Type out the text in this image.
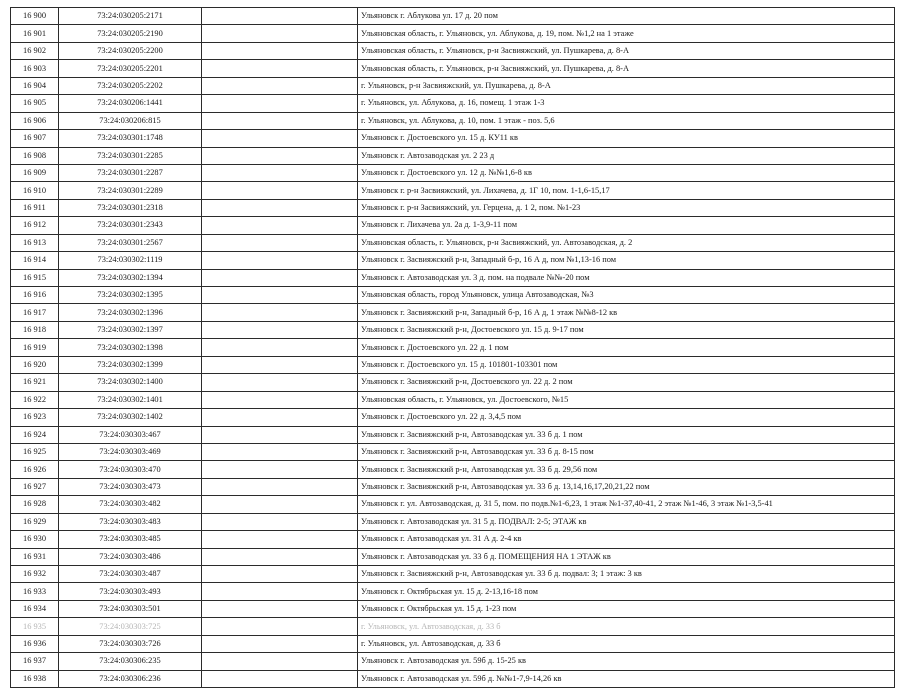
16 900	73:24:030205:2171		Ульяновск г. Аблукова ул. 17 д. 20 пом
16 901	73:24:030205:2190		Ульяновская область, г. Ульяновск, ул. Аблукова, д. 19, пом. №1,2 на 1 этаже
16 902	73:24:030205:2200		Ульяновская область, г. Ульяновск, р-н Засвияжский, ул. Пушкарева, д. 8-А
16 903	73:24:030205:2201		Ульяновская область, г. Ульяновск, р-н Засвияжский, ул. Пушкарева, д. 8-А
16 904	73:24:030205:2202		г. Ульяновск, р-н Засвияжский, ул. Пушкарева, д. 8-А
16 905	73:24:030206:1441		г. Ульяновск, ул. Аблукова, д. 16, помещ. 1 этаж 1-3
16 906	73:24:030206:815		г. Ульяновск, ул. Аблукова, д. 10, пом. 1 этаж - поз. 5,6
16 907	73:24:030301:1748		Ульяновск г. Достоевского ул. 15 д. КУ11 кв
16 908	73:24:030301:2285		Ульяновск г. Автозаводская ул. 2 23 д
16 909	73:24:030301:2287		Ульяновск г. Достоевского ул. 12 д. №№1,6-8 кв
16 910	73:24:030301:2289		Ульяновск г. р-н Засвияжский, ул. Лихачева, д. 1Г 10, пом. 1-1,6-15,17
16 911	73:24:030301:2318		Ульяновск г. р-н Засвияжский, ул. Герцена, д. 1 2, пом. №1-23
16 912	73:24:030301:2343		Ульяновск г. Лихачева ул. 2а д. 1-3,9-11 пом
16 913	73:24:030301:2567		Ульяновская область, г. Ульяновск, р-н Засвияжский, ул. Автозаводская, д. 2
16 914	73:24:030302:1119		Ульяновск г. Засвияжский р-н, Западный б-р, 16 А д, пом №1,13-16 пом
16 915	73:24:030302:1394		Ульяновск г. Автозаводская ул. 3 д. пом. на подвале №№-20 пом
16 916	73:24:030302:1395		Ульяновская область, город Ульяновск, улица Автозаводская, №3
16 917	73:24:030302:1396		Ульяновск г. Засвияжский р-н, Западный б-р, 16 А д, 1 этаж №№8-12 кв
16 918	73:24:030302:1397		Ульяновск г. Засвияжский р-н, Достоевского ул. 15 д. 9-17 пом
16 919	73:24:030302:1398		Ульяновск г. Достоевского ул. 22 д. 1 пом
16 920	73:24:030302:1399		Ульяновск г. Достоевского ул. 15 д. 101801-103301 пом
16 921	73:24:030302:1400		Ульяновск г. Засвияжский р-н, Достоевского ул. 22 д. 2 пом
16 922	73:24:030302:1401		Ульяновская область, г. Ульяновск, ул. Достоевского, №15
16 923	73:24:030302:1402		Ульяновск г. Достоевского ул. 22 д. 3,4,5 пом
16 924	73:24:030303:467		Ульяновск г. Засвияжский р-н, Автозаводская ул. 33 б д. 1 пом
16 925	73:24:030303:469		Ульяновск г. Засвияжский р-н, Автозаводская ул. 33 б д. 8-15 пом
16 926	73:24:030303:470		Ульяновск г. Засвияжский р-н, Автозаводская ул. 33 б д. 29,56 пом
16 927	73:24:030303:473		Ульяновск г. Засвияжский р-н, Автозаводская ул. 33 б д. 13,14,16,17,20,21,22 пом
16 928	73:24:030303:482		Ульяновск г. ул. Автозаводская, д. 31 5, пом. по подв.№1-6,23, 1 этаж №1-37,40-41, 2 этаж №1-46, 3 этаж №1-3,5-41
16 929	73:24:030303:483		Ульяновск г. Автозаводская ул. 31 5 д. ПОДВАЛ: 2-5; ЭТАЖ кв
16 930	73:24:030303:485		Ульяновск г. Автозаводская ул. 31 А д. 2-4 кв
16 931	73:24:030303:486		Ульяновск г. Автозаводская ул. 33 б д. ПОМЕЩЕНИЯ НА 1 ЭТАЖ кв
16 932	73:24:030303:487		Ульяновск г. Засвияжский р-н, Автозаводская ул. 33 б д. подвал: 3; 1 этаж: 3 кв
16 933	73:24:030303:493		Ульяновск г. Октябрьская ул. 15 д. 2-13,16-18 пом
16 934	73:24:030303:501		Ульяновск г. Октябрьская ул. 15 д. 1-23 пом
16 935	73:24:030303:725		г. Ульяновск, ул. Автозаводская, д. 33 б
16 936	73:24:030303:726		г. Ульяновск, ул. Автозаводская, д. 33 б
16 937	73:24:030306:235		Ульяновск г. Автозаводская ул. 59б д. 15-25 кв
16 938	73:24:030306:236		Ульяновск г. Автозаводская ул. 59б д. №№1-7,9-14,26 кв
